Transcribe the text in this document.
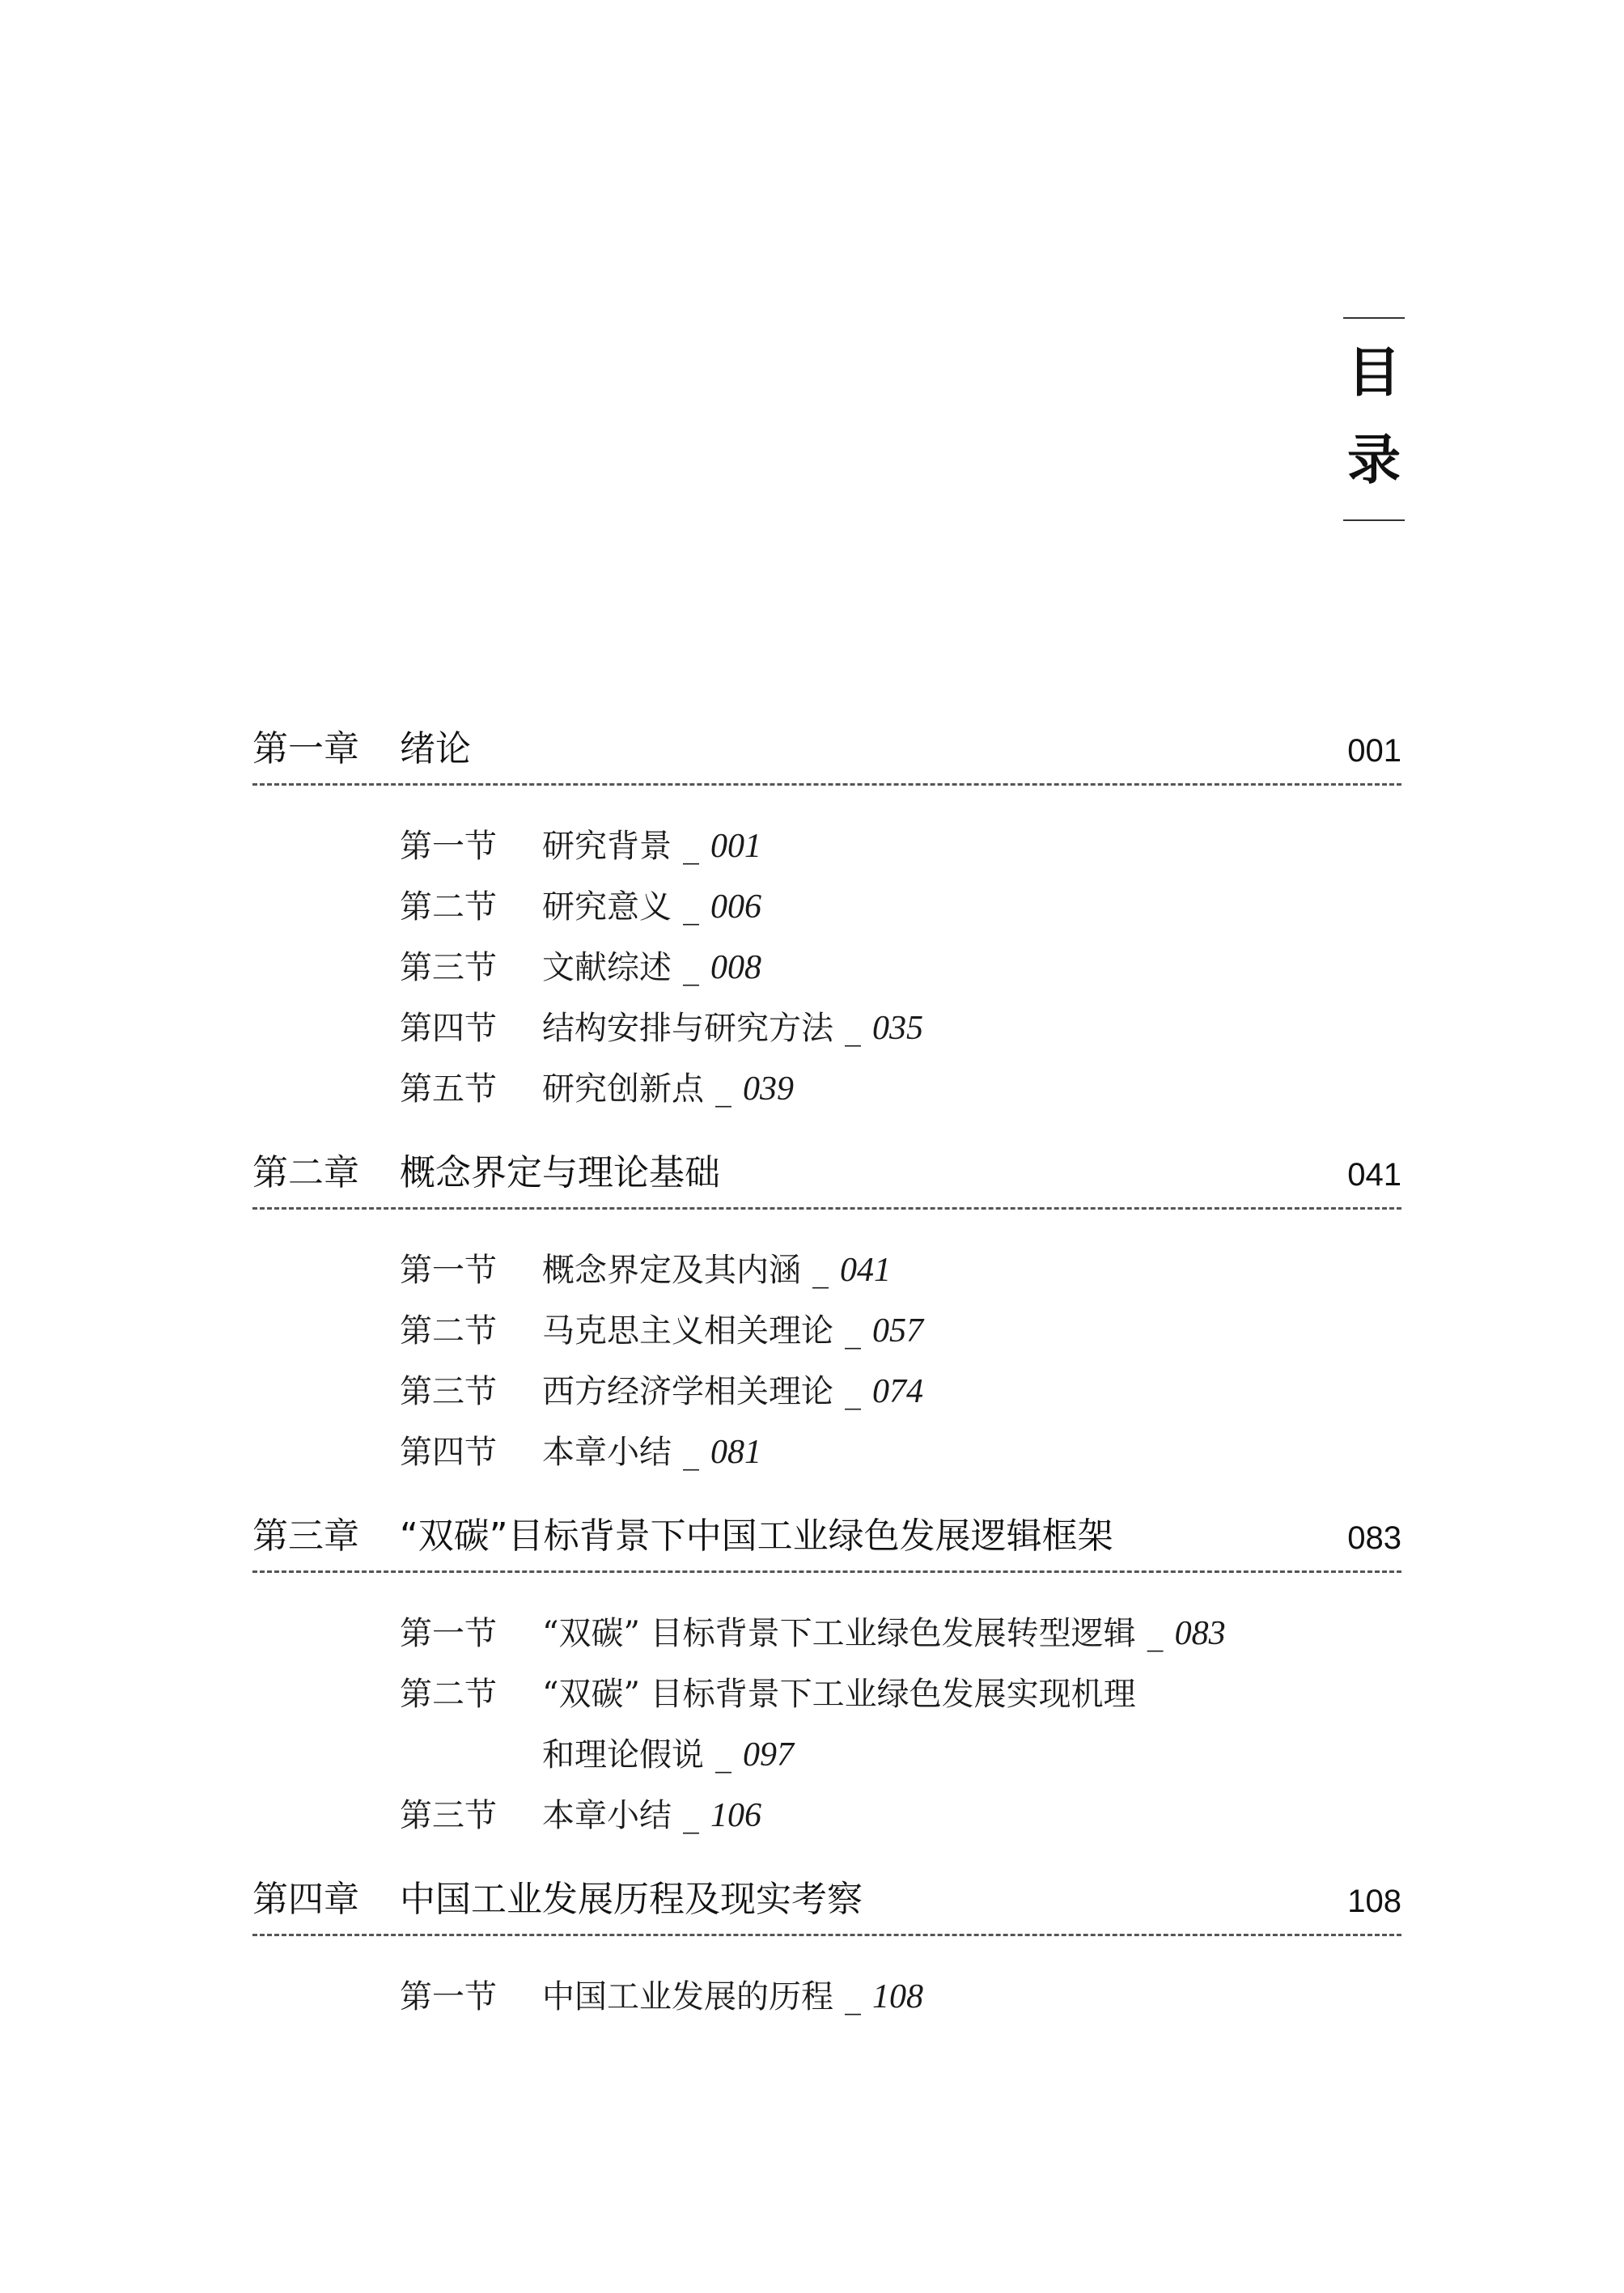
目
录
第一章 绪论	001
第一节 研究背景 _ 001
第二节 研究意义 _ 006
第三节 文献综述 _ 008
第四节 结构安排与研究方法 _ 035
第五节 研究创新点 _ 039
第二章 概念界定与理论基础	041
第一节 概念界定及其内涵 _ 041
第二节 马克思主义相关理论 _ 057
第三节 西方经济学相关理论 _ 074
第四节 本章小结 _ 081
第三章 “双碳”目标背景下中国工业绿色发展逻辑框架	083
第一节 “双碳” 目标背景下工业绿色发展转型逻辑 _ 083
第二节 “双碳” 目标背景下工业绿色发展实现机理
和理论假说 _ 097
第三节 本章小结 _ 106
第四章 中国工业发展历程及现实考察	108
第一节 中国工业发展的历程 _ 108
